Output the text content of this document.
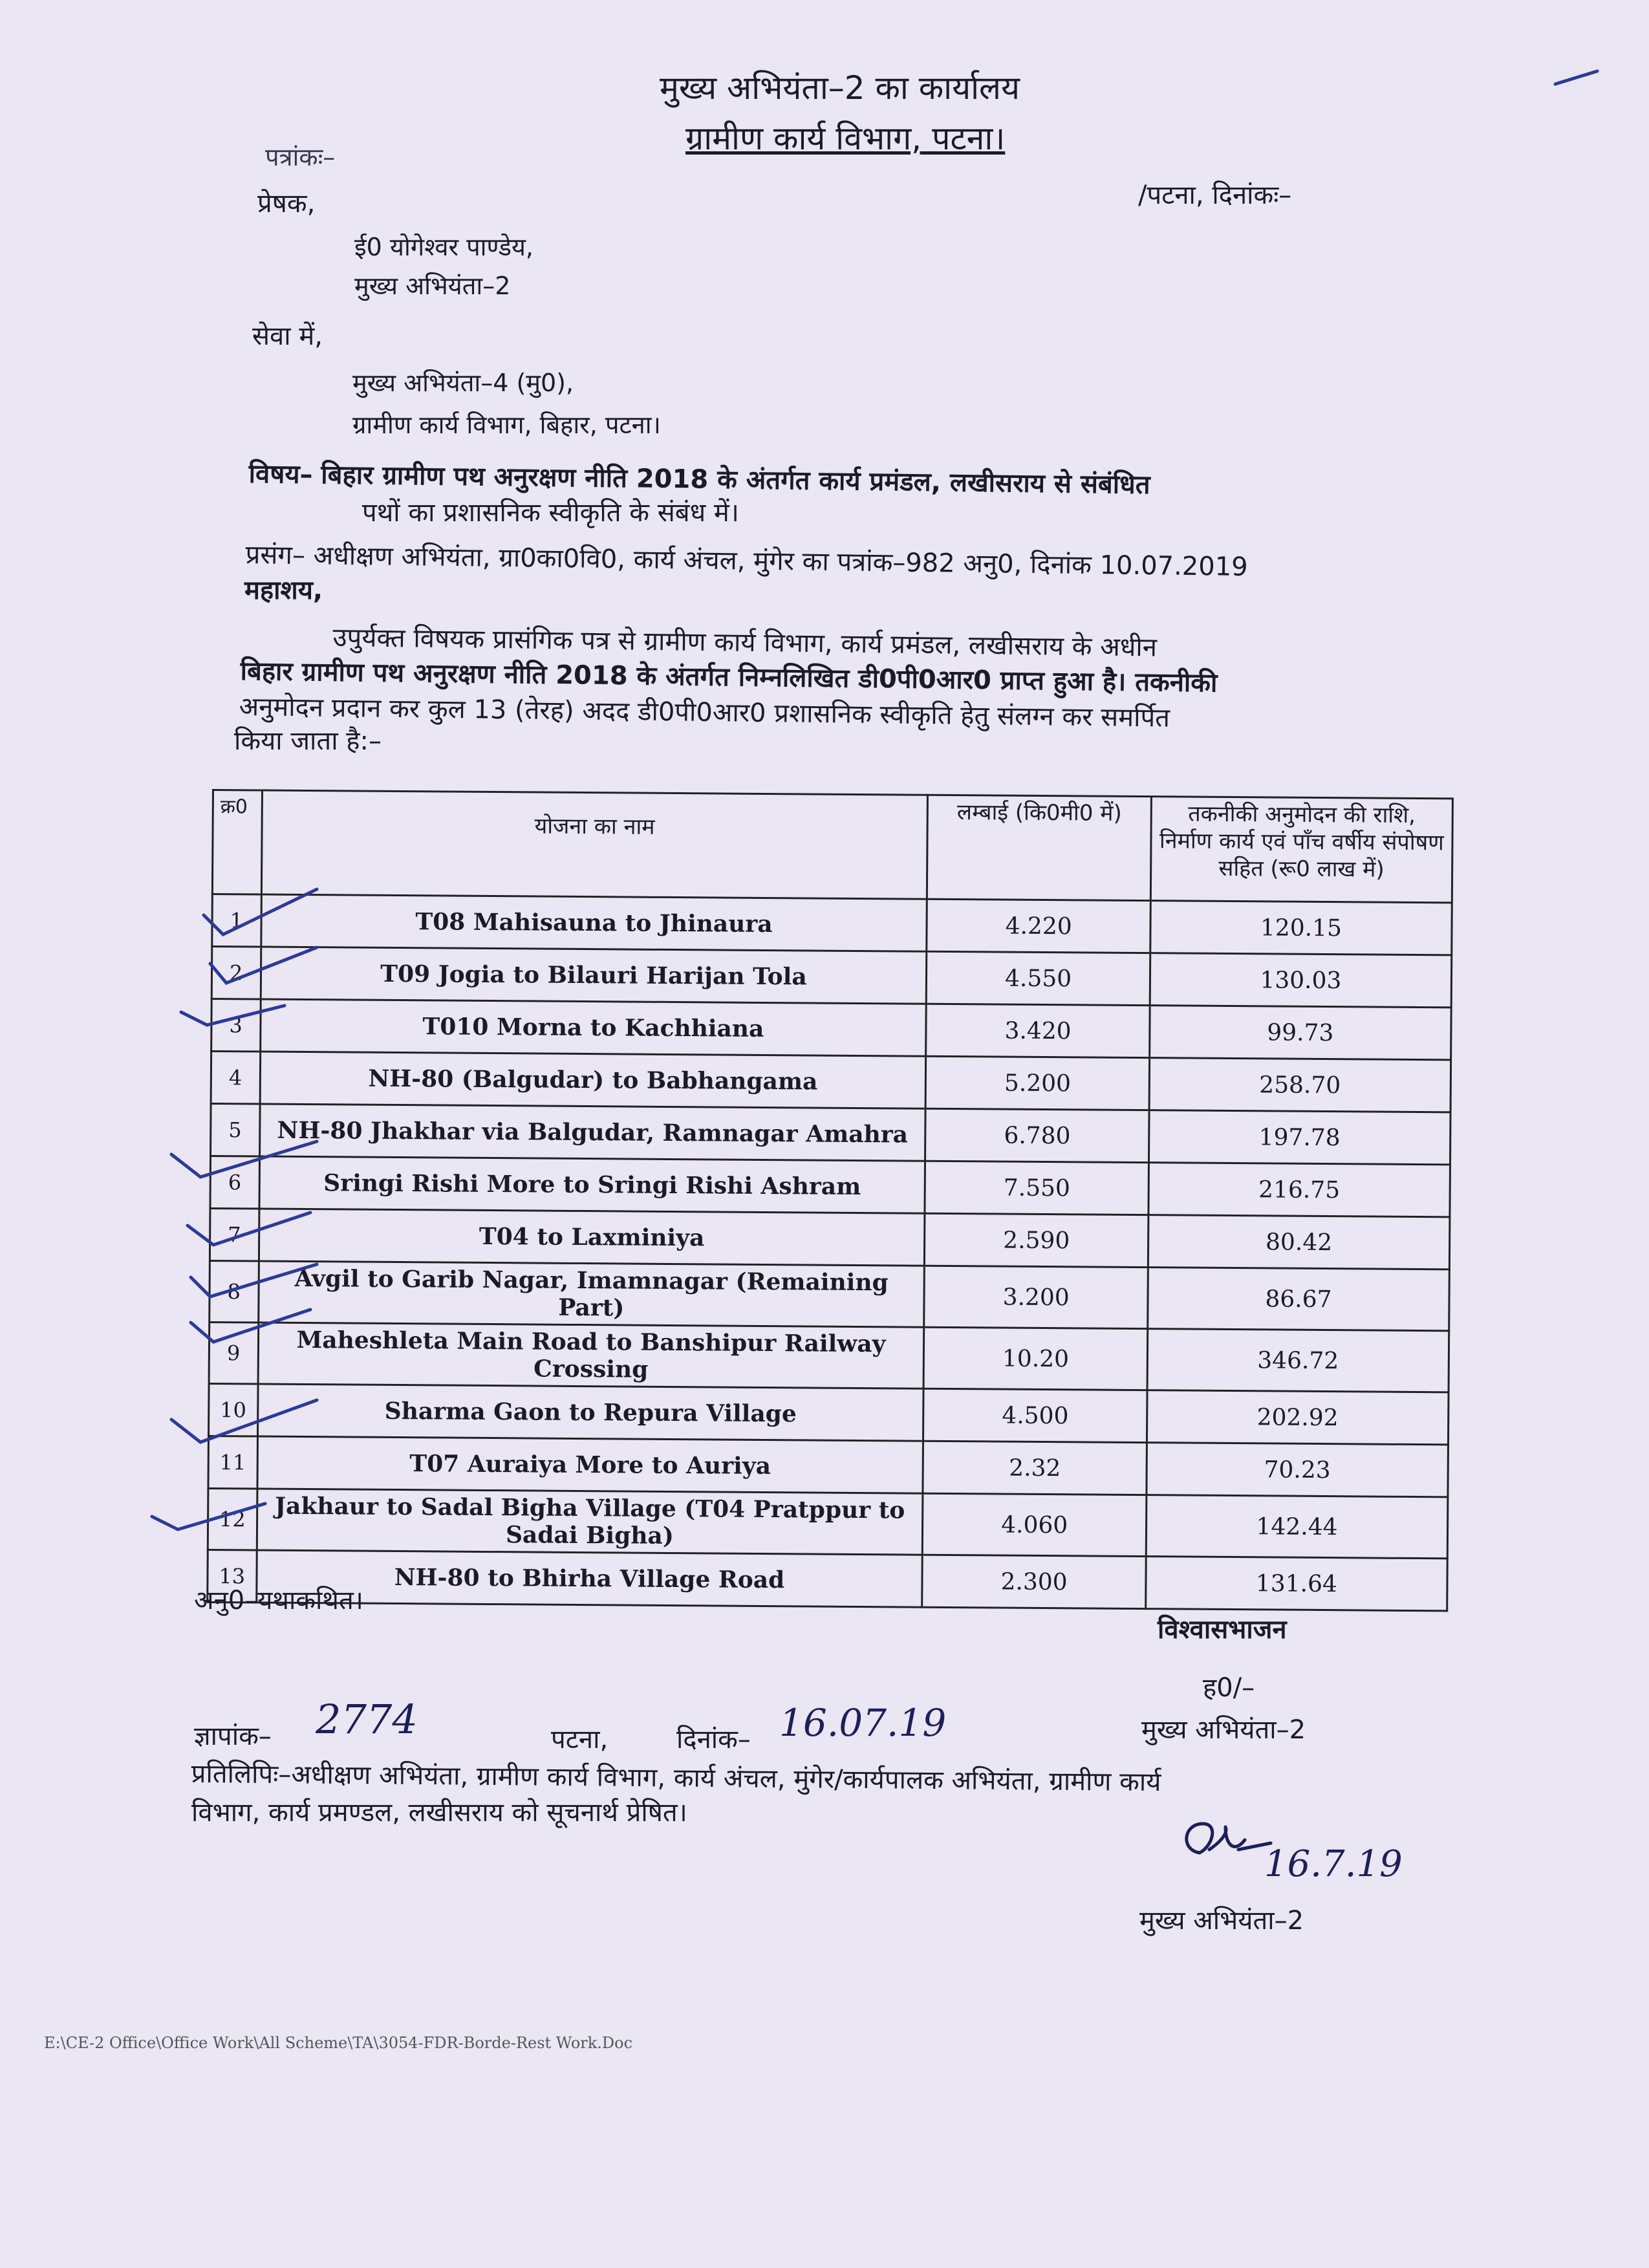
मुख्य अभियंता–2 का कार्यालय
ग्रामीण कार्य विभाग, पटना।
पत्रांकः–
/पटना, दिनांकः–
प्रेषक,
ई0 योगेश्वर पाण्डेय,
मुख्य अभियंता–2
सेवा में,
मुख्य अभियंता–4 (मु0),
ग्रामीण कार्य विभाग, बिहार, पटना।
विषय– बिहार ग्रामीण पथ अनुरक्षण नीति 2018 के अंतर्गत कार्य प्रमंडल, लखीसराय से संबंधित
पथों का प्रशासनिक स्वीकृति के संबंध में।
प्रसंग– अधीक्षण अभियंता, ग्रा0का0वि0, कार्य अंचल, मुंगेर का पत्रांक–982 अनु0, दिनांक 10.07.2019
महाशय,
उपुर्यक्त विषयक प्रासंगिक पत्र से ग्रामीण कार्य विभाग, कार्य प्रमंडल, लखीसराय के अधीन
बिहार ग्रामीण पथ अनुरक्षण नीति 2018 के अंतर्गत निम्नलिखित डी0पी0आर0 प्राप्त हुआ है। तकनीकी
अनुमोदन प्रदान कर कुल 13 (तेरह) अदद डी0पी0आर0 प्रशासनिक स्वीकृति हेतु संलग्न कर समर्पित
किया जाता है:–
क्र0	योजना का नाम	लम्बाई (कि0मी0 में)	तकनीकी अनुमोदन की राशि, निर्माण कार्य एवं पाँच वर्षीय संपोषण सहित (रू0 लाख में)
1	T08 Mahisauna to Jhinaura	4.220	120.15
2	T09 Jogia to Bilauri Harijan Tola	4.550	130.03
3	T010 Morna to Kachhiana	3.420	99.73
4	NH-80 (Balgudar) to Babhangama	5.200	258.70
5	NH-80 Jhakhar via Balgudar, Ramnagar Amahra	6.780	197.78
6	Sringi Rishi More to Sringi Rishi Ashram	7.550	216.75
7	T04 to Laxminiya	2.590	80.42
8	Avgil to Garib Nagar, Imamnagar (Remaining Part)	3.200	86.67
9	Maheshleta Main Road to Banshipur Railway Crossing	10.20	346.72
10	Sharma Gaon to Repura Village	4.500	202.92
11	T07 Auraiya More to Auriya	2.32	70.23
12	Jakhaur to Sadal Bigha Village (T04 Pratppur to Sadai Bigha)	4.060	142.44
13	NH-80 to Bhirha Village Road	2.300	131.64
अनु0–यथाकथित।
विश्वासभाजन
ह0/–
मुख्य अभियंता–2
ज्ञापांक– 2774	पटना,	दिनांक– 16.07.19
प्रतिलिपिः–अधीक्षण अभियंता, ग्रामीण कार्य विभाग, कार्य अंचल, मुंगेर/कार्यपालक अभियंता, ग्रामीण कार्य
विभाग, कार्य प्रमण्डल, लखीसराय को सूचनार्थ प्रेषित।
16.7.19
मुख्य अभियंता–2
E:\CE-2 Office\Office Work\All Scheme\TA\3054-FDR-Borde-Rest Work.Doc
